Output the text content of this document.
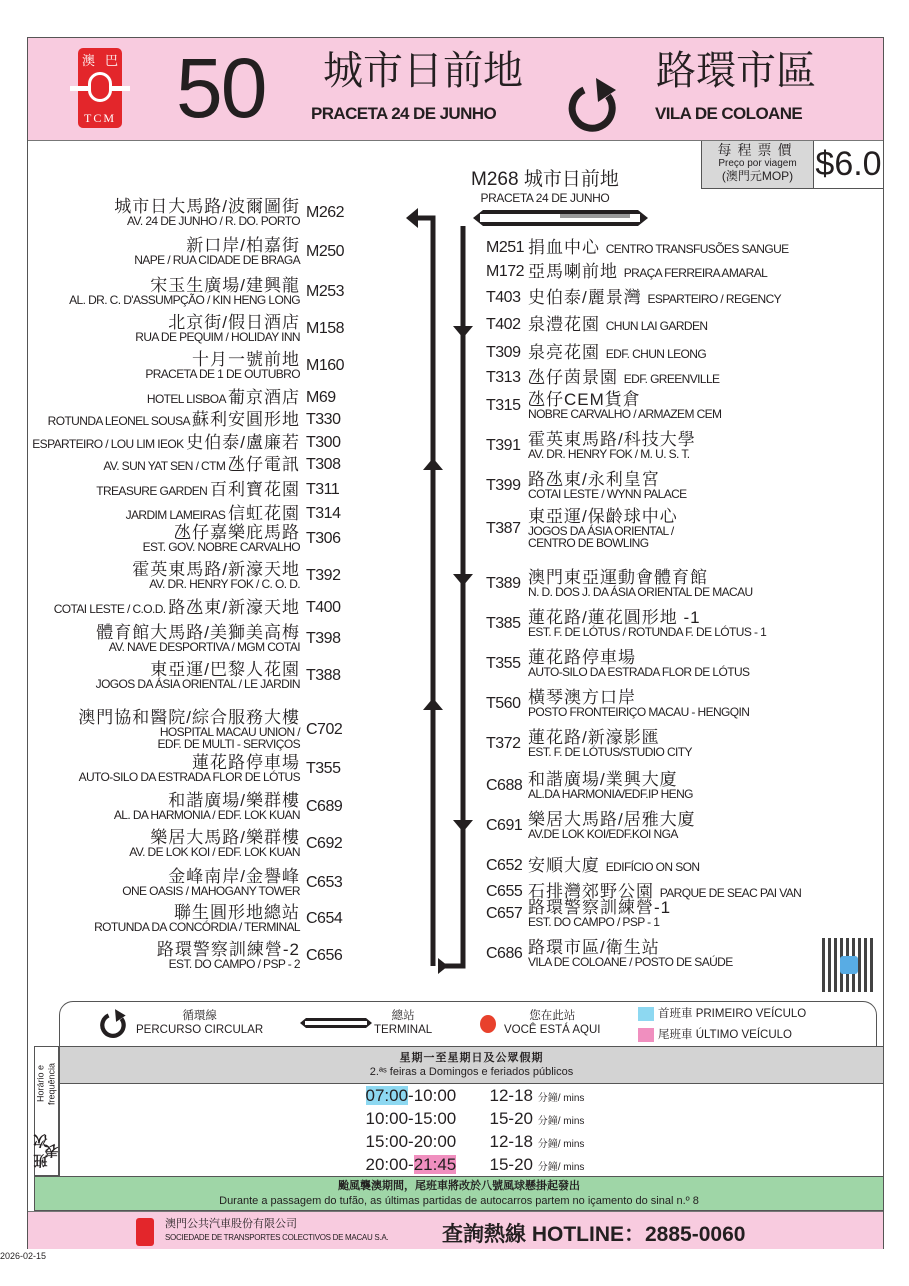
澳 巴
TCM 50 城市日前地
PRACETA 24 DE JUNHO
路環市區
VILA DE COLOANE
每程票價
Preço por viagem
(澳門元MOP) $6.0
M268 城市日前地
PRACETA 24 DE JUNHO
城市日大馬路/波爾圖街
AV. 24 DE JUNHO / R. DO. PORTO
M262
新口岸/柏嘉街
NAPE / RUA CIDADE DE BRAGA
M250
宋玉生廣場/建興龍
AL. DR. C. D'ASSUMPÇÃO / KIN HENG LONG
M253
北京街/假日酒店
RUA DE PEQUIM / HOLIDAY INN
M158
十月一號前地
PRACETA DE 1 DE OUTUBRO
M160
HOTEL LISBOA 葡京酒店 M69
ROTUNDA LEONEL SOUSA 蘇利安圓形地 T330
ESPARTEIRO / LOU LIM IEOK 史伯泰/盧廉若 T300
AV. SUN YAT SEN / CTM 氹仔電訊 T308
TREASURE GARDEN 百利寶花園 T311
JARDIM LAMEIRAS 信虹花園 T314
氹仔嘉樂庇馬路
EST. GOV. NOBRE CARVALHO
T306
霍英東馬路/新濠天地
AV. DR. HENRY FOK / C. O. D.
T392
COTAI LESTE / C.O.D. 路氹東/新濠天地 T400
體育館大馬路/美獅美高梅
AV. NAVE DESPORTIVA / MGM COTAI
T398
東亞運/巴黎人花園
JOGOS DA ÁSIA ORIENTAL / LE JARDIN
T388
澳門協和醫院/綜合服務大樓
HOSPITAL MACAU UNION /
EDF. DE MULTI - SERVIÇOS
C702
蓮花路停車場
AUTO-SILO DA ESTRADA FLOR DE LÓTUS
T355
和諧廣場/樂群樓
AL. DA HARMONIA / EDF. LOK KUAN
C689
樂居大馬路/樂群樓
AV. DE LOK KOI / EDF. LOK KUAN
C692
金峰南岸/金譽峰
ONE OASIS / MAHOGANY TOWER
C653
聯生圓形地總站
ROTUNDA DA CONCÓRDIA / TERMINAL
C654
路環警察訓練營-2
EST. DO CAMPO / PSP - 2
C656
M251 捐血中心 CENTRO TRANSFUSÕES SANGUE
M172 亞馬喇前地 PRAÇA FERREIRA AMARAL
T403 史伯泰/麗景灣 ESPARTEIRO / REGENCY
T402 泉澧花園 CHUN LAI GARDEN
T309 泉亮花園 EDF. CHUN LEONG
T313 氹仔茵景園 EDF. GREENVILLE
T315 氹仔CEM貨倉
NOBRE CARVALHO / ARMAZEM CEM
T391 霍英東馬路/科技大學
AV. DR. HENRY FOK / M. U. S. T.
T399 路氹東/永利皇宮
COTAI LESTE / WYNN PALACE
T387
東亞運/保齡球中心
JOGOS DA ÁSIA ORIENTAL /
CENTRO DE BOWLING
T389 澳門東亞運動會體育館
N. D. DOS J. DA ÁSIA ORIENTAL DE MACAU
T385 蓮花路/蓮花圓形地 -1
EST. F. DE LÓTUS / ROTUNDA F. DE LÓTUS - 1
T355 蓮花路停車場
AUTO-SILO DA ESTRADA FLOR DE LÓTUS
T560 橫琴澳方口岸
POSTO FRONTEIRIÇO MACAU - HENGQIN
T372 蓮花路/新濠影匯
EST. F. DE LÓTUS/STUDIO CITY
C688 和諧廣場/業興大廈
AL.DA HARMONIA/EDF.IP HENG
C691 樂居大馬路/居雅大廈
AV.DE LOK KOI/EDF.KOI NGA
C652 安順大廈 EDIFÍCIO ON SON
C655 石排灣郊野公園 PARQUE DE SEAC PAI VAN
C657 路環警察訓練營-1
EST. DO CAMPO / PSP - 1
C686 路環市區/衛生站
VILA DE COLOANE / POSTO DE SAÚDE
循環線
PERCURSO CIRCULAR
總站
TERMINAL
您在此站
VOCÊ ESTÁ AQUI
首班車 PRIMEIRO VEÍCULO
尾班車 ÚLTIMO VEÍCULO
班次表
Horário e frequência
星期一至星期日及公眾假期
2.ªˢ feiras a Domingos e feriados públicos
07:00-10:00	12-18 分鐘/ mins
10:00-15:00	15-20 分鐘/ mins
15:00-20:00	12-18 分鐘/ mins
20:00-21:45	15-20 分鐘/ mins
颱風襲澳期間，尾班車將改於八號風球懸掛起發出
Durante a passagem do tufão, as últimas partidas de autocarros partem no içamento do sinal n.º 8
澳門公共汽車股份有限公司
SOCIEDADE DE TRANSPORTES COLECTIVOS DE MACAU S.A.	查詢熱線 HOTLINE：2885-0060
2026-02-15
